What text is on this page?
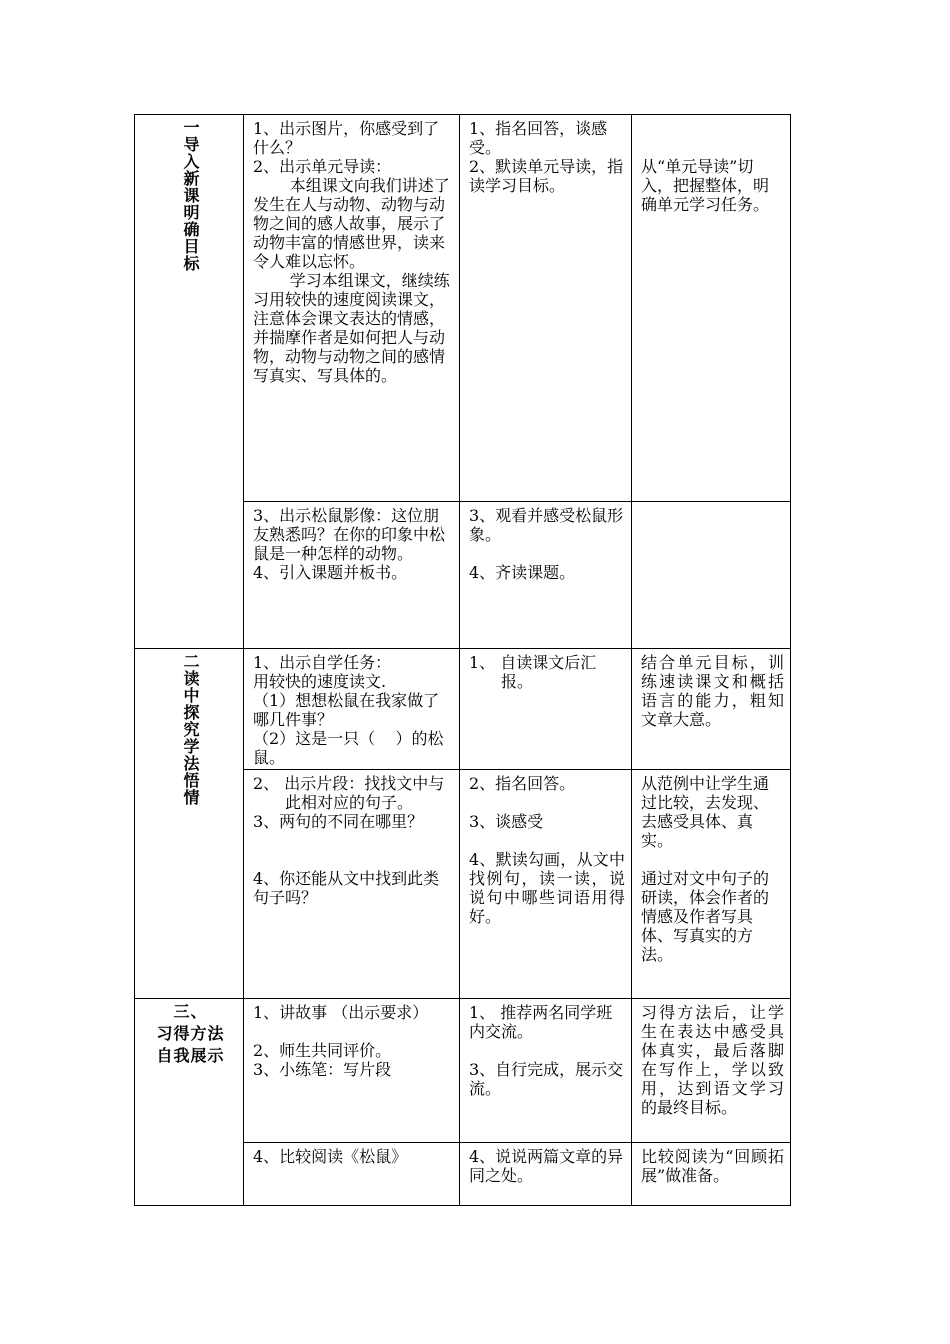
一导入新课明确目标	1、出示图片，你感受到了什么？
2、出示单元导读：
本组课文向我们讲述了发生在人与动物、动物与动物之间的感人故事，展示了动物丰富的情感世界，读来令人难以忘怀。
学习本组课文，继续练习用较快的速度阅读课文，注意体会课文表达的情感，并揣摩作者是如何把人与动物，动物与动物之间的感情写真实、写具体的。	1、指名回答，谈感受。
2、默读单元导读，指读学习目标。	从“单元导读”切入，把握整体，明确单元学习任务。

	3、出示松鼠影像：这位朋友熟悉吗？在你的印象中松鼠是一种怎样的动物。
4、引入课题并板书。	3、观看并感受松鼠形象。
4、齐读课题。	

二读中探究学法悟情	1、出示自学任务：
用较快的速度读文.
（1）想想松鼠在我家做了哪几件事？
（2）这是一只（    ）的松鼠。	1、 自读课文后汇报。	结合单元目标，训练速读课文和概括语言的能力，粗知文章大意。

	2、 出示片段：找找文中与此相对应的句子。
3、两句的不同在哪里？
4、你还能从文中找到此类句子吗？	2、指名回答。
3、谈感受
4、默读勾画，从文中找例句，读一读，说说句中哪些词语用得好。	从范例中让学生通过比较，去发现、去感受具体、真实。
通过对文中句子的研读，体会作者的情感及作者写具体、写真实的方法。

三、
习得方法
自我展示	1、讲故事 （出示要求）
2、师生共同评价。
3、小练笔：写片段	1、 推荐两名同学班内交流。
3、自行完成，展示交流。	习得方法后，让学生在表达中感受具体真实，最后落脚在写作上，学以致用，达到语文学习的最终目标。

	4、比较阅读《松鼠》	4、说说两篇文章的异同之处。	比较阅读为“回顾拓展”做准备。
